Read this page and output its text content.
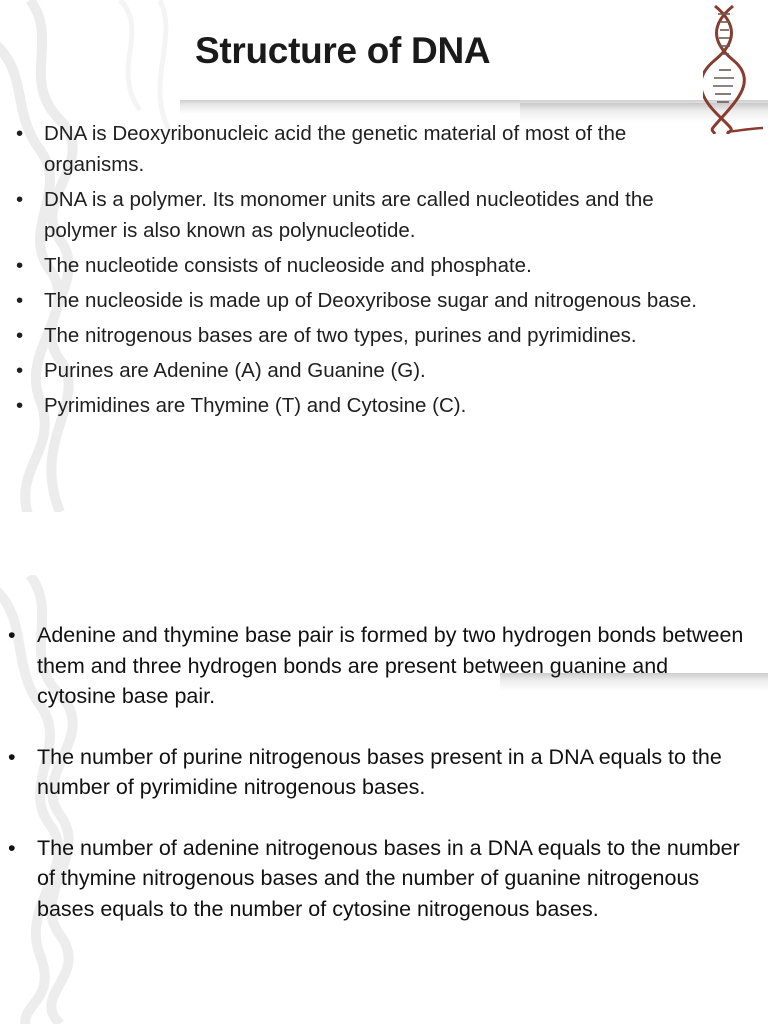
Structure of DNA
• DNA is Deoxyribonucleic acid the genetic material of most of the organisms.
• DNA is a polymer. Its monomer units are called nucleotides and the polymer is also known as polynucleotide.
• The nucleotide consists of nucleoside and phosphate.
• The nucleoside is made up of Deoxyribose sugar and nitrogenous base.
• The nitrogenous bases are of two types, purines and pyrimidines.
• Purines are Adenine (A) and Guanine (G).
• Pyrimidines are Thymine (T) and Cytosine (C).
• Adenine and thymine base pair is formed by two hydrogen bonds between them and three hydrogen bonds are present between guanine and cytosine base pair.
• The number of purine nitrogenous bases present in a DNA equals to the number of pyrimidine nitrogenous bases.
• The number of adenine nitrogenous bases in a DNA equals to the number of thymine nitrogenous bases and the number of guanine nitrogenous bases equals to the number of cytosine nitrogenous bases.
